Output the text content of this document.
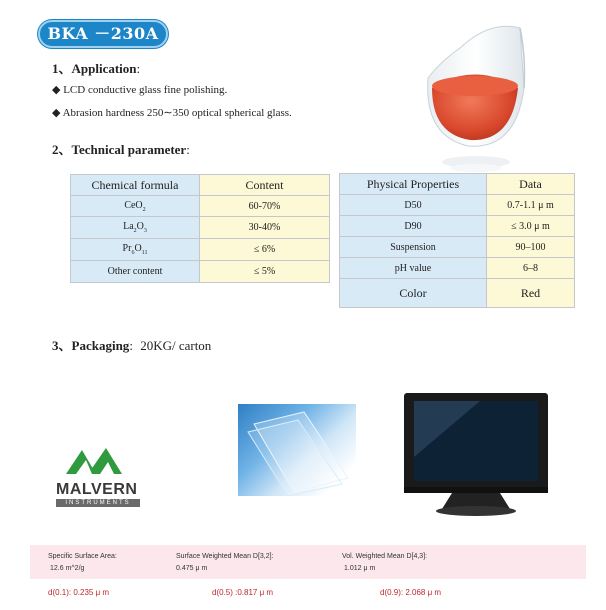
BKA －230A
1、Application:
◆ LCD conductive glass fine polishing.
◆ Abrasion hardness 250∼350 optical spherical glass.
2、Technical parameter:
Chemical formula	Content
CeO$_2$	60-70%
$La_2O_3$	30-40%
$Pr_6O_{11}$	≤ 6%
Other content	≤ 5%
Physical Properties	Data
D50	0.7-1.1 μ m
D90	≤ 3.0 μ m
Suspension	90–100
pH value	6–8
Color	Red
3、Packaging: 20KG/ carton
MALVERN
INSTRUMENTS
Specific Surface Area:
12.6 m^2/g
Surface Weighted Mean D[3,2]:
0.475 μ m
Vol. Weighted Mean D[4,3]:
1.012 μ m
d(0.1): 0.235 μ m	d(0.5) :0.817 μ m	d(0.9): 2.068 μ m
